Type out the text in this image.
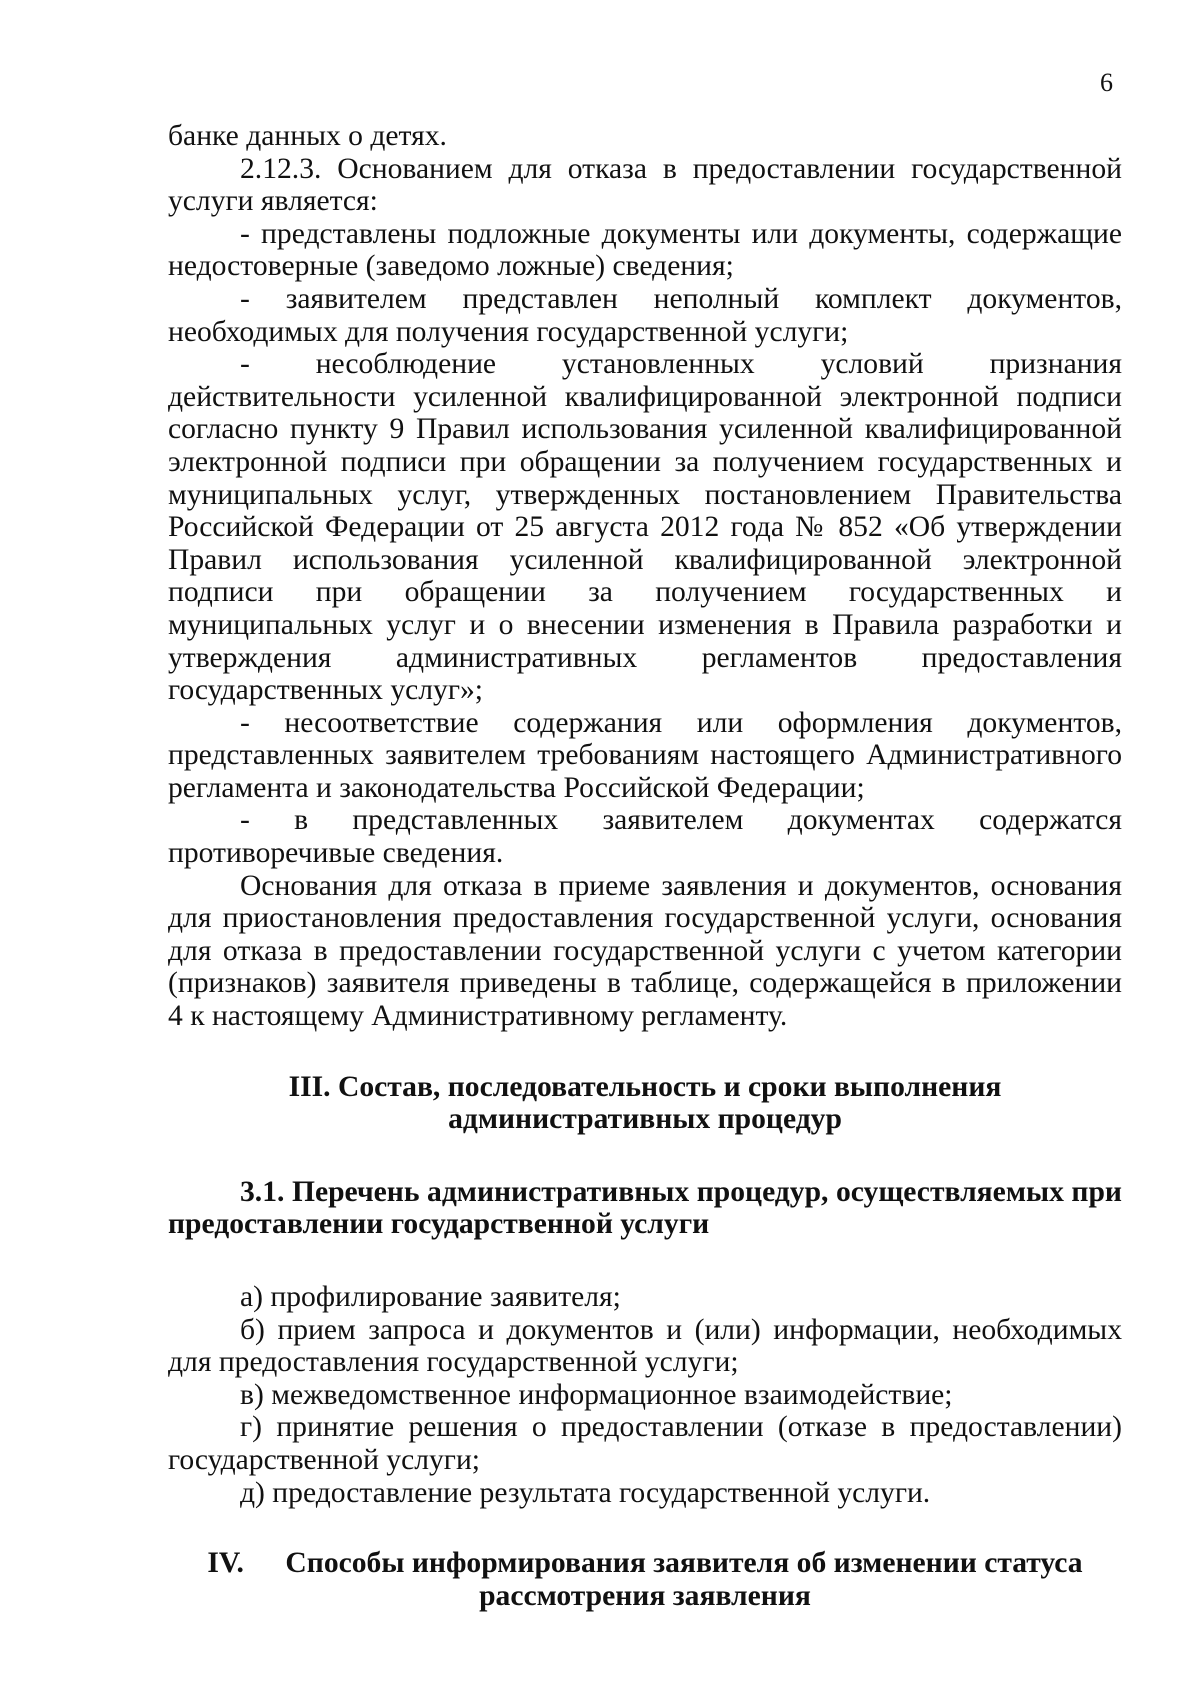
6

банке данных о детях.

2.12.3. Основанием для отказа в предоставлении государственной услуги является:

- представлены подложные документы или документы, содержащие недостоверные (заведомо ложные) сведения;

- заявителем представлен неполный комплект документов, необходимых для получения государственной услуги;

- несоблюдение установленных условий признания действительности усиленной квалифицированной электронной подписи согласно пункту 9 Правил использования усиленной квалифицированной электронной подписи при обращении за получением государственных и муниципальных услуг, утвержденных постановлением Правительства Российской Федерации от 25 августа 2012 года № 852 «Об утверждении Правил использования усиленной квалифицированной электронной подписи при обращении за получением государственных и муниципальных услуг и о внесении изменения в Правила разработки и утверждения административных регламентов предоставления государственных услуг»;

- несоответствие содержания или оформления документов, представленных заявителем требованиям настоящего Административного регламента и законодательства Российской Федерации;

- в представленных заявителем документах содержатся противоречивые сведения.

Основания для отказа в приеме заявления и документов, основания для приостановления предоставления государственной услуги, основания для отказа в предоставлении государственной услуги с учетом категории (признаков) заявителя приведены в таблице, содержащейся в приложении 4 к настоящему Административному регламенту.

III. Состав, последовательность и сроки выполнения
административных процедур

3.1. Перечень административных процедур, осуществляемых при предоставлении государственной услуги

а) профилирование заявителя;

б) прием запроса и документов и (или) информации, необходимых для предоставления государственной услуги;

в) межведомственное информационное взаимодействие;

г) принятие решения о предоставлении (отказе в предоставлении) государственной услуги;

д) предоставление результата государственной услуги.

IV. Способы информирования заявителя об изменении статуса
рассмотрения заявления
